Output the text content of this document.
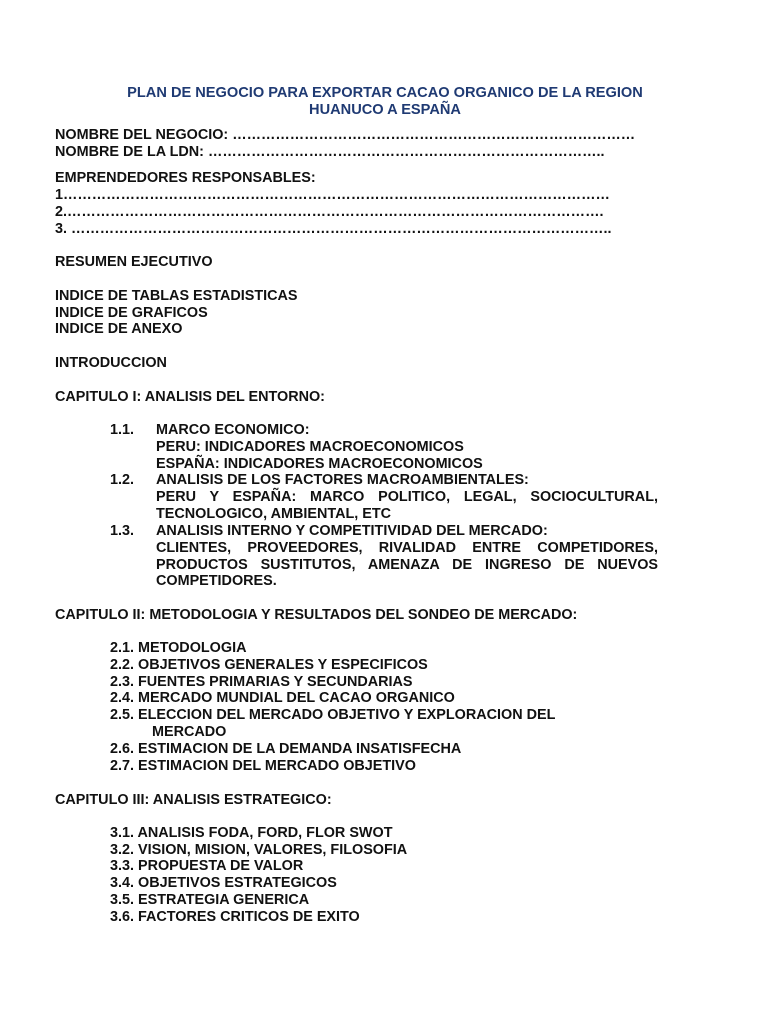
PLAN DE NEGOCIO PARA EXPORTAR CACAO ORGANICO DE LA REGION
HUANUCO A ESPAÑA
NOMBRE DEL NEGOCIO: …………………………………………………………………………
NOMBRE DE LA LDN: ………………………………………………………………………..
EMPRENDEDORES RESPONSABLES:
1……………………………………………………………………………………………………
2.………………………………………………………………………………………………….
3. …………………………………………………………………………………………………..
RESUMEN EJECUTIVO
INDICE DE TABLAS ESTADISTICAS
INDICE DE GRAFICOS
INDICE DE ANEXO
INTRODUCCION
CAPITULO I: ANALISIS DEL ENTORNO:
1.1. MARCO ECONOMICO:
PERU: INDICADORES MACROECONOMICOS
ESPAÑA: INDICADORES MACROECONOMICOS
1.2. ANALISIS DE LOS FACTORES MACROAMBIENTALES:
PERU Y ESPAÑA: MARCO POLITICO, LEGAL, SOCIOCULTURAL,
TECNOLOGICO, AMBIENTAL, ETC
1.3. ANALISIS INTERNO Y COMPETITIVIDAD DEL MERCADO:
CLIENTES, PROVEEDORES, RIVALIDAD ENTRE COMPETIDORES,
PRODUCTOS SUSTITUTOS, AMENAZA DE INGRESO DE NUEVOS
COMPETIDORES.
CAPITULO II: METODOLOGIA Y RESULTADOS DEL SONDEO DE MERCADO:
2.1. METODOLOGIA
2.2. OBJETIVOS GENERALES Y ESPECIFICOS
2.3. FUENTES PRIMARIAS Y SECUNDARIAS
2.4. MERCADO MUNDIAL DEL CACAO ORGANICO
2.5. ELECCION DEL MERCADO OBJETIVO Y EXPLORACION DEL
MERCADO
2.6. ESTIMACION DE LA DEMANDA INSATISFECHA
2.7. ESTIMACION DEL MERCADO OBJETIVO
CAPITULO III: ANALISIS ESTRATEGICO:
3.1. ANALISIS FODA, FORD, FLOR SWOT
3.2. VISION, MISION, VALORES, FILOSOFIA
3.3. PROPUESTA DE VALOR
3.4. OBJETIVOS ESTRATEGICOS
3.5. ESTRATEGIA GENERICA
3.6. FACTORES CRITICOS DE EXITO
